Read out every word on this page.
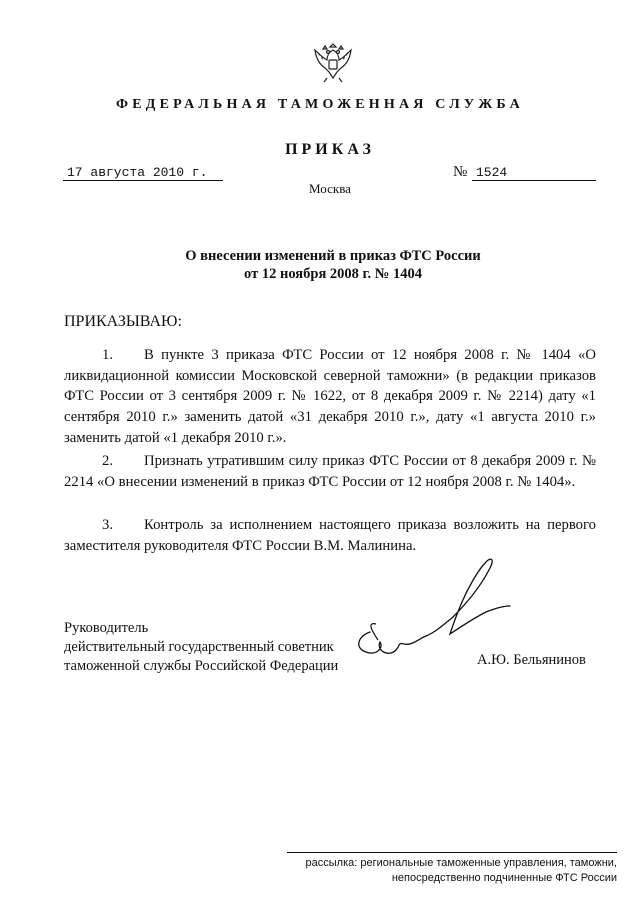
ФЕДЕРАЛЬНАЯ ТАМОЖЕННАЯ СЛУЖБА
ПРИКАЗ
17 августа 2010 г.	№ 1524
Москва
О внесении изменений в приказ ФТС России
от 12 ноября 2008 г. № 1404
ПРИКАЗЫВАЮ:
1. В пункте 3 приказа ФТС России от 12 ноября 2008 г. № 1404 «О ликвидационной комиссии Московской северной таможни» (в редакции приказов ФТС России от 3 сентября 2009 г. № 1622, от 8 декабря 2009 г. № 2214) дату «1 сентября 2010 г.» заменить датой «31 декабря 2010 г.», дату «1 августа 2010 г.» заменить датой «1 декабря 2010 г.».
2. Признать утратившим силу приказ ФТС России от 8 декабря 2009 г. № 2214 «О внесении изменений в приказ ФТС России от 12 ноября 2008 г. № 1404».
3. Контроль за исполнением настоящего приказа возложить на первого заместителя руководителя ФТС России В.М. Малинина.
Руководитель
действительный государственный советник
таможенной службы Российской Федерации	А.Ю. Бельянинов
рассылка: региональные таможенные управления, таможни,
непосредственно подчиненные ФТС России
